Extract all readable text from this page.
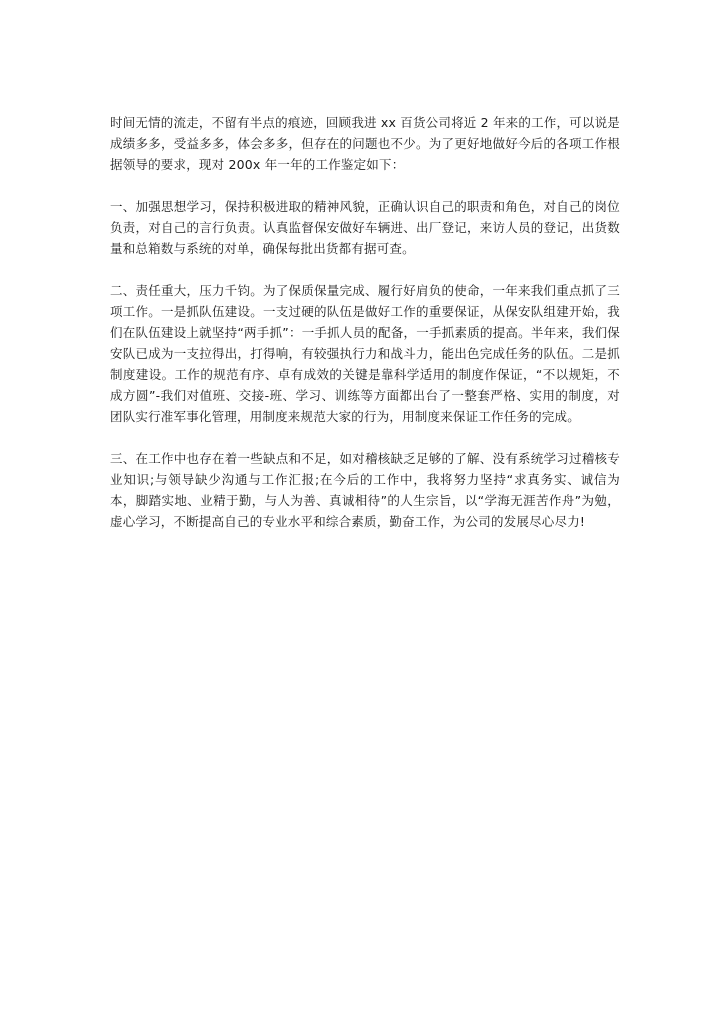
时间无情的流走，不留有半点的痕迹，回顾我进 xx 百货公司将近 2 年来的工作，可以说是成绩多多，受益多多，体会多多，但存在的问题也不少。为了更好地做好今后的各项工作根据领导的要求，现对 200x 年一年的工作鉴定如下：

一、加强思想学习，保持积极进取的精神风貌，正确认识自己的职责和角色，对自己的岗位负责，对自己的言行负责。认真监督保安做好车辆进、出厂登记，来访人员的登记，出货数量和总箱数与系统的对单，确保每批出货都有据可查。

二、责任重大，压力千钧。为了保质保量完成、履行好肩负的使命，一年来我们重点抓了三项工作。一是抓队伍建设。一支过硬的队伍是做好工作的重要保证，从保安队组建开始，我们在队伍建设上就坚持“两手抓”：一手抓人员的配备，一手抓素质的提高。半年来，我们保安队已成为一支拉得出，打得响，有较强执行力和战斗力，能出色完成任务的队伍。二是抓制度建设。工作的规范有序、卓有成效的关键是靠科学适用的制度作保证，“不以规矩，不成方圆”-我们对值班、交接-班、学习、训练等方面都出台了一整套严格、实用的制度，对团队实行准军事化管理，用制度来规范大家的行为，用制度来保证工作任务的完成。

三、在工作中也存在着一些缺点和不足，如对稽核缺乏足够的了解、没有系统学习过稽核专业知识;与领导缺少沟通与工作汇报;在今后的工作中，我将努力坚持“求真务实、诚信为本，脚踏实地、业精于勤，与人为善、真诚相待”的人生宗旨，以“学海无涯苦作舟”为勉，虚心学习，不断提高自己的专业水平和综合素质，勤奋工作，为公司的发展尽心尽力!
